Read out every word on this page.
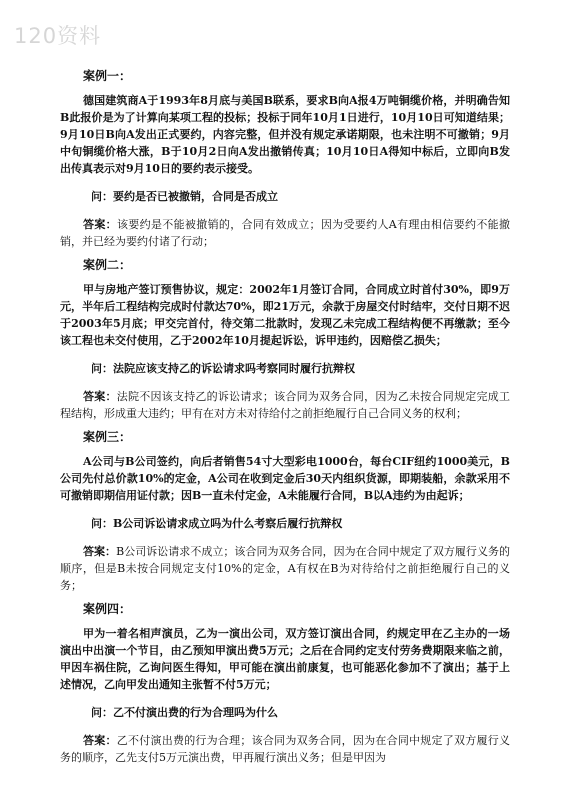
120资料
案例一：

德国建筑商A于1993年8月底与美国B联系，要求B向A报4万吨铜缆价格，并明确告知B此报价是为了计算向某项工程的投标；投标于同年10月1日进行，10月10日可知道结果；9月10日B向A发出正式要约，内容完整，但并没有规定承诺期限，也未注明不可撤销；9月中旬铜缆价格大涨，B于10月2日向A发出撤销传真；10月10日A得知中标后，立即向B发出传真表示对9月10日的要约表示接受。

问：要约是否已被撤销，合同是否成立

答案：该要约是不能被撤销的，合同有效成立；因为受要约人A有理由相信要约不能撤销，并已经为要约付诸了行动；

案例二：

甲与房地产签订预售协议，规定：2002年1月签订合同，合同成立时首付30%，即9万元，半年后工程结构完成时付款达70%，即21万元，余款于房屋交付时结牢，交付日期不迟于2003年5月底；甲交完首付，待交第二批款时，发现乙未完成工程结构便不再缴款；至今该工程也未交付使用，乙于2002年10月提起诉讼，诉甲违约，因赔偿乙损失；

问：法院应该支持乙的诉讼请求吗考察同时履行抗辩权

答案：法院不因该支持乙的诉讼请求；该合同为双务合同，因为乙未按合同规定完成工程结构，形成重大违约；甲有在对方未对待给付之前拒绝履行自己合同义务的权利；

案例三：

A公司与B公司签约，向后者销售54寸大型彩电1000台，每台CIF纽约1000美元，B公司先付总价款10%的定金，A公司在收到定金后30天内组织货源，即期装船，余款采用不可撤销即期信用证付款；因B一直未付定金，A未能履行合同，B以A违约为由起诉；

问：B公司诉讼请求成立吗为什么考察后履行抗辩权

答案：B公司诉讼请求不成立；该合同为双务合同，因为在合同中规定了双方履行义务的顺序，但是B未按合同规定支付10%的定金，A有权在B为对待给付之前拒绝履行自己的义务；

案例四：

甲为一着名相声演员，乙为一演出公司，双方签订演出合同，约规定甲在乙主办的一场演出中出演一个节目，由乙预知甲演出费5万元；之后在合同约定支付劳务费期限来临之前，甲因车祸住院，乙询问医生得知，甲可能在演出前康复，也可能恶化参加不了演出；基于上述情况，乙向甲发出通知主张暂不付5万元；

问：乙不付演出费的行为合理吗为什么

答案：乙不付演出费的行为合理；该合同为双务合同，因为在合同中规定了双方履行义务的顺序，乙先支付5万元演出费，甲再履行演出义务；但是甲因为
